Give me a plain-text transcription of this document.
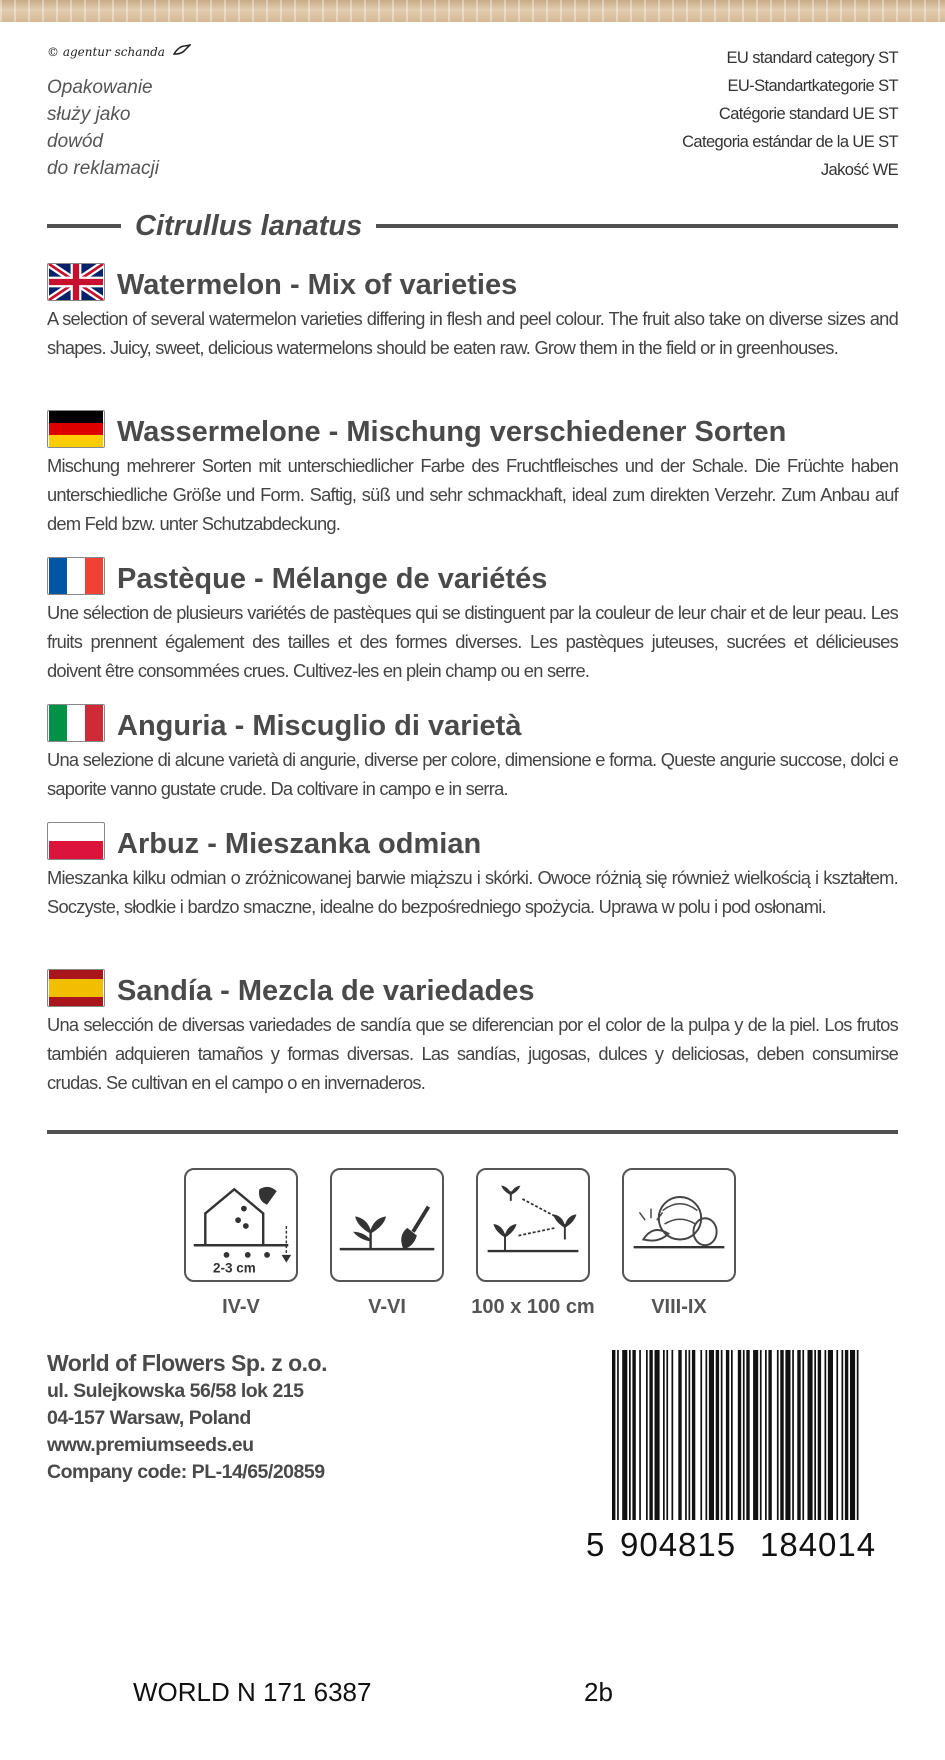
© agentur schanda
Opakowanie
służy jako
dowód
do reklamacji
EU standard category ST
EU-Standartkategorie ST
Catégorie standard UE ST
Categoria estándar de la UE ST
Jakość WE
Citrullus lanatus
Watermelon - Mix of varieties
A selection of several watermelon varieties differing in flesh and peel colour. The fruit also take on diverse sizes and shapes. Juicy, sweet, delicious watermelons should be eaten raw. Grow them in the field or in greenhouses.
Wassermelone - Mischung verschiedener Sorten
Mischung mehrerer Sorten mit unterschiedlicher Farbe des Fruchtfleisches und der Schale. Die Früchte haben unterschiedliche Größe und Form. Saftig, süß und sehr schmackhaft, ideal zum direkten Verzehr. Zum Anbau auf dem Feld bzw. unter Schutzabdeckung.
Pastèque - Mélange de variétés
Une sélection de plusieurs variétés de pastèques qui se distinguent par la couleur de leur chair et de leur peau. Les fruits prennent également des tailles et des formes diverses. Les pastèques juteuses, sucrées et délicieuses doivent être consommées crues. Cultivez-les en plein champ ou en serre.
Anguria - Miscuglio di varietà
Una selezione di alcune varietà di angurie, diverse per colore, dimensione e forma. Queste angurie succose, dolci e saporite vanno gustate crude. Da coltivare in campo e in serra.
Arbuz - Mieszanka odmian
Mieszanka kilku odmian o zróżnicowanej barwie miąższu i skórki. Owoce różnią się również wielkością i kształtem. Soczyste, słodkie i bardzo smaczne, idealne do bezpośredniego spożycia. Uprawa w polu i pod osłonami.
Sandía - Mezcla de variedades
Una selección de diversas variedades de sandía que se diferencian por el color de la pulpa y de la piel. Los frutos también adquieren tamaños y formas diversas. Las sandías, jugosas, dulces y deliciosas, deben consumirse crudas. Se cultivan en el campo o en invernaderos.
2-3 cm
IV-V	V-VI	100 x 100 cm	VIII-IX
World of Flowers Sp. z o.o.
ul. Sulejkowska 56/58 lok 215
04-157 Warsaw, Poland
www.premiumseeds.eu
Company code: PL-14/65/20859
5 904815 184014
WORLD N 171 6387	2b
